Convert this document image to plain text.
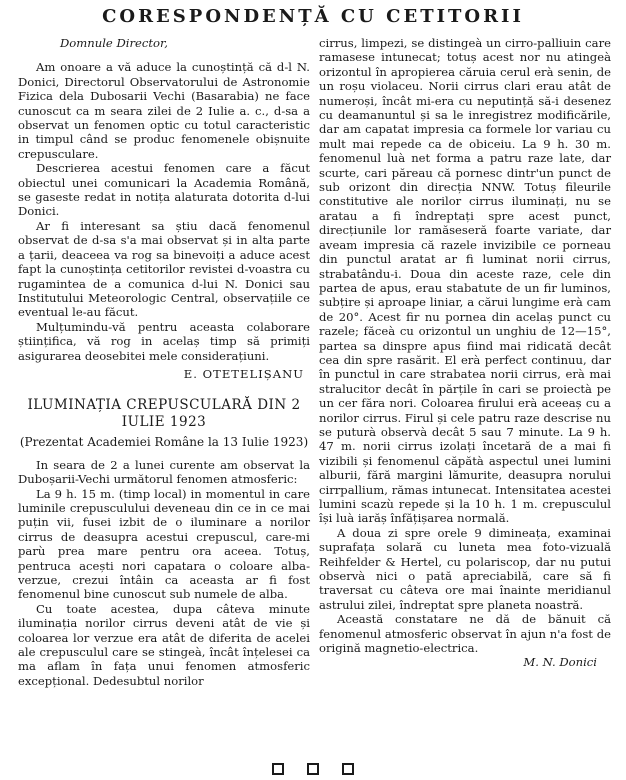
CORESPONDENȚĂ CU CETITORII

Domnule Director,

Am onoare a vă aduce la cunoștință că d-l N. Donici, Directorul Observatorului de Astronomie Fizica dela Dubosarii Vechi (Basarabia) ne face cunoscut ca m seara zilei de 2 Iulie a. c., d-sa a observat un fenomen optic cu totul caracteristic in timpul când se produc fenomenele obișnuite crepusculare.

Descrierea acestui fenomen care a făcut obiectul unei comunicari la Academia Română, se gaseste redat in notița alaturata dotorita d-lui Donici.

Ar fi interesant sa știu dacă fenomenul observat de d-sa s'a mai observat și in alta parte a țarii, deaceea va rog sa binevoiți a aduce acest fapt la cunoștința cetitorilor revistei d-voastra cu rugamintea de a comunica d-lui N. Donici sau Institutului Meteorologic Central, observațiile ce eventual le-au făcut.

Mulțumindu-vă pentru aceasta colaborare științifica, vă rog in acelaș timp să primiți asigurarea deosebitei mele considerațiuni.

E. OTETELIȘANU

ILUMINAȚIA CREPUSCULARĂ DIN 2 IULIE 1923

(Prezentat Academiei Române la 13 Iulie 1923)

In seara de 2 a lunei curente am observat la Duboșarii-Vechi următorul fenomen atmosferic:

La 9 h. 15 m. (timp local) in momentul in care luminile crepusculului deveneau din ce in ce mai puțin vii, fusei izbit de o iluminare a norilor cirrus de deasupra acestui crepuscul, care-mi parù prea mare pentru ora aceea. Totuș, pentruca acești nori capatara o coloare alba-verzue, crezui întâin ca aceasta ar fi fost fenomenul bine cunoscut sub numele de alba.

Cu toate acestea, dupa câteva minute iluminația norilor cirrus deveni atât de vie și coloarea lor verzue era atât de diferita de acelei ale crepusculul care se stingeà, încât înțelesei ca ma aflam în fața unui fenomen atmosferic excepțional. Dedesubtul norilor

cirrus, limpezi, se distingeà un cirro-palliuin care ramasese intunecat; totuș acest nor nu atingeà orizontul în apropierea căruia cerul erà senin, de un roșu violaceu. Norii cirrus clari erau atât de numeroși, încât mi-era cu neputință să-i desenez cu deamanuntul și sa le inregistrez modificările, dar am capatat impresia ca formele lor variau cu mult mai repede ca de obiceiu. La 9 h. 30 m. fenomenul luà net forma a patru raze late, dar scurte, cari păreau că pornesc dintr'un punct de sub orizont din direcția NNW. Totuș fileurile constitutive ale norilor cirrus iluminați, nu se aratau a fi îndreptați spre acest punct, direcțiunile lor ramăseseră foarte variate, dar aveam impresia că razele invizibile ce porneau din punctul aratat ar fi luminat norii cirrus, strabatându-i. Doua din aceste raze, cele din partea de apus, erau stabatute de un fir luminos, subțire și aproape liniar, a cărui lungime erà cam de 20°. Acest fir nu pornea din acelaș punct cu razele; făceà cu orizontul un unghiu de 12—15°, partea sa dinspre apus fiind mai ridicată decât cea din spre rasărit. El erà perfect continuu, dar în punctul in care strabatea norii cirrus, erà mai stralucitor decât în părțile în cari se proiectà pe un cer făra nori. Coloarea firului erà aceeaș cu a norilor cirrus. Firul și cele patru raze descrise nu se puturà observà decât 5 sau 7 minute. La 9 h. 47 m. norii cirrus izolați încetară de a mai fi vizibili și fenomenul căpătà aspectul unei lumini alburii, fără margini lămurite, deasupra norului cirrpallium, rămas intunecat. Intensitatea acestei lumini scazù repede și la 10 h. 1 m. crepusculul își luà iarăș înfățișarea normală.

A doua zi spre orele 9 dimineața, examinai suprafața solară cu luneta mea foto-vizuală Reihfelder & Hertel, cu polariscop, dar nu putui observà nici o pată apreciabilă, care să fi traversat cu câteva ore mai înainte meridianul astrului zilei, îndreptat spre planeta noastră.

Această constatare ne dă de bănuit că fenomenul atmosferic observat în ajun n'a fost de origină magnetio-electrica.

M. N. Donici
